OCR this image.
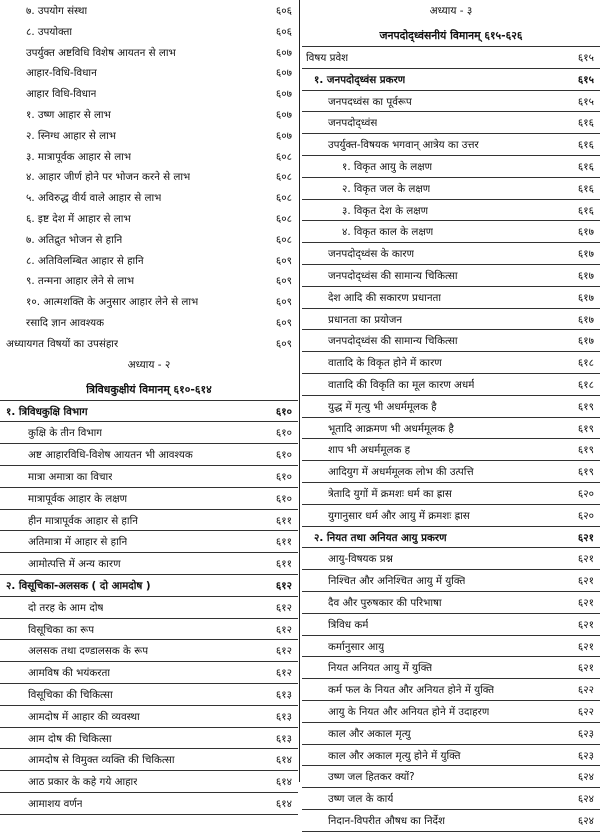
७. उपयोग संस्था	६०६
८. उपयोक्ता	६०६
उपर्युक्त अष्टविधि विशेष आयतन से लाभ	६०७
आहार-विधि-विधान	६०७
आहार विधि-विधान	६०७
१. उष्ण आहार से लाभ	६०७
२. स्निग्ध आहार से लाभ	६०७
३. मात्रापूर्वक आहार से लाभ	६०८
४. आहार जीर्ण होने पर भोजन करने से लाभ	६०८
५. अविरुद्ध वीर्य वाले आहार से लाभ	६०८
६. इष्ट देश में आहार से लाभ	६०८
७. अतिद्रुत भोजन से हानि	६०८
८. अतिविलम्बित आहार से हानि	६०९
९. तन्मना आहार लेने से लाभ	६०९
१०. आत्मशक्ति के अनुसार आहार लेने से लाभ	६०९
रसादि ज्ञान आवश्यक	६०९
अध्यायगत विषयों का उपसंहार	६०९
अध्याय - २
त्रिविधकुक्षीयं विमानम् ६१०-६१४
१. त्रिविधकुक्षि विभाग	६१०
कुक्षि के तीन विभाग	६१०
अष्ट आहारविधि-विशेष आयतन भी आवश्यक	६१०
मात्रा अमात्रा का विचार	६१०
मात्रापूर्वक आहार के लक्षण	६१०
हीन मात्रापूर्वक आहार से हानि	६११
अतिमात्रा में आहार से हानि	६११
आमोत्पत्ति में अन्य कारण	६११
२. विसूचिका-अलसक ( दो आमदोष )	६१२
दो तरह के आम दोष	६१२
विसूचिका का रूप	६१२
अलसक तथा दण्डालसक के रूप	६१२
आमविष की भयंकरता	६१२
विसूचिका की चिकित्सा	६१३
आमदोष में आहार की व्यवस्था	६१३
आम दोष की चिकित्सा	६१३
आमदोष से विमुक्त व्यक्ति की चिकित्सा	६१४
आठ प्रकार के कहे गये आहार	६१४
आमाशय वर्णन	६१४
अध्याय - ३
जनपदोद्ध्वंसनीयं विमानम् ६१५-६२६
विषय प्रवेश	६१५
१. जनपदोद्ध्वंस प्रकरण	६१५
जनपदध्वंस का पूर्वरूप	६१५
जनपदोद्ध्वंस	६१६
उपर्युक्त-विषयक भगवान् आत्रेय का उत्तर	६१६
१. विकृत आयु के लक्षण	६१६
२. विकृत जल के लक्षण	६१६
३. विकृत देश के लक्षण	६१६
४. विकृत काल के लक्षण	६१७
जनपदोद्ध्वंस के कारण	६१७
जनपदोद्ध्वंस की सामान्य चिकित्सा	६१७
देश आदि की सकारण प्रधानता	६१७
प्रधानता का प्रयोजन	६१७
जनपदोद्ध्वंस की सामान्य चिकित्सा	६१७
वातादि के विकृत होने में कारण	६१८
वातादि की विकृति का मूल कारण अधर्म	६१८
युद्ध में मृत्यु भी अधर्ममूलक है	६१९
भूतादि आक्रमण भी अधर्ममूलक है	६१९
शाप भी अधर्ममूलक ह	६१९
आदियुग में अधर्ममूलक लोभ की उत्पत्ति	६१९
त्रेतादि युगों में क्रमशः धर्म का ह्रास	६२०
युगानुसार धर्म और आयु में क्रमशः ह्रास	६२०
२. नियत तथा अनियत आयु प्रकरण	६२१
आयु-विषयक प्रश्न	६२१
निश्चित और अनिश्चित आयु में युक्ति	६२१
दैव और पुरुषकार की परिभाषा	६२१
त्रिविध कर्म	६२१
कर्मानुसार आयु	६२१
नियत अनियत आयु में युक्ति	६२१
कर्म फल के नियत और अनियत होने में युक्ति	६२२
आयु के नियत और अनियत होने में उदाहरण	६२२
काल और अकाल मृत्यु	६२३
काल और अकाल मृत्यु होने में युक्ति	६२३
उष्ण जल हितकर क्यों?	६२४
उष्ण जल के कार्य	६२४
निदान-विपरीत औषध का निर्देश	६२४
